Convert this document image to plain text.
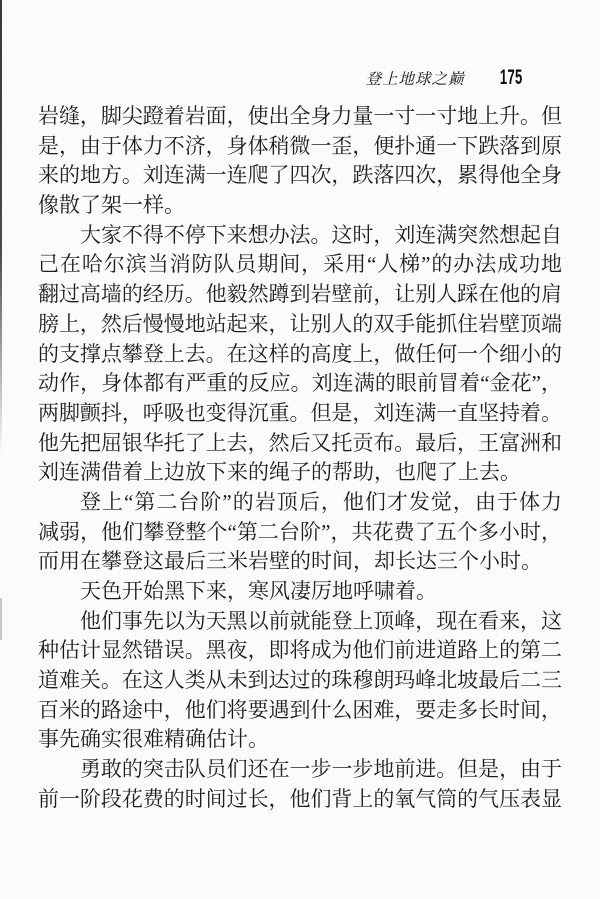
登上地球之巅 175
岩缝，脚尖蹬着岩面，使出全身力量一寸一寸地上升。但
是，由于体力不济，身体稍微一歪，便扑通一下跌落到原
来的地方。刘连满一连爬了四次，跌落四次，累得他全身
像散了架一样。
大家不得不停下来想办法。这时，刘连满突然想起自
己在哈尔滨当消防队员期间，采用“人梯”的办法成功地
翻过高墙的经历。他毅然蹲到岩壁前，让别人踩在他的肩
膀上，然后慢慢地站起来，让别人的双手能抓住岩壁顶端
的支撑点攀登上去。在这样的高度上，做任何一个细小的
动作，身体都有严重的反应。刘连满的眼前冒着“金花”，
两脚颤抖，呼吸也变得沉重。但是，刘连满一直坚持着。
他先把屈银华托了上去，然后又托贡布。最后，王富洲和
刘连满借着上边放下来的绳子的帮助，也爬了上去。
登上“第二台阶”的岩顶后，他们才发觉，由于体力
减弱，他们攀登整个“第二台阶”，共花费了五个多小时，
而用在攀登这最后三米岩壁的时间，却长达三个小时。
天色开始黑下来，寒风凄厉地呼啸着。
他们事先以为天黑以前就能登上顶峰，现在看来，这
种估计显然错误。黑夜，即将成为他们前进道路上的第二
道难关。在这人类从未到达过的珠穆朗玛峰北坡最后二三
百米的路途中，他们将要遇到什么困难，要走多长时间，
事先确实很难精确估计。
勇敢的突击队员们还在一步一步地前进。但是，由于
前一阶段花费的时间过长，他们背上的氧气筒的气压表显
